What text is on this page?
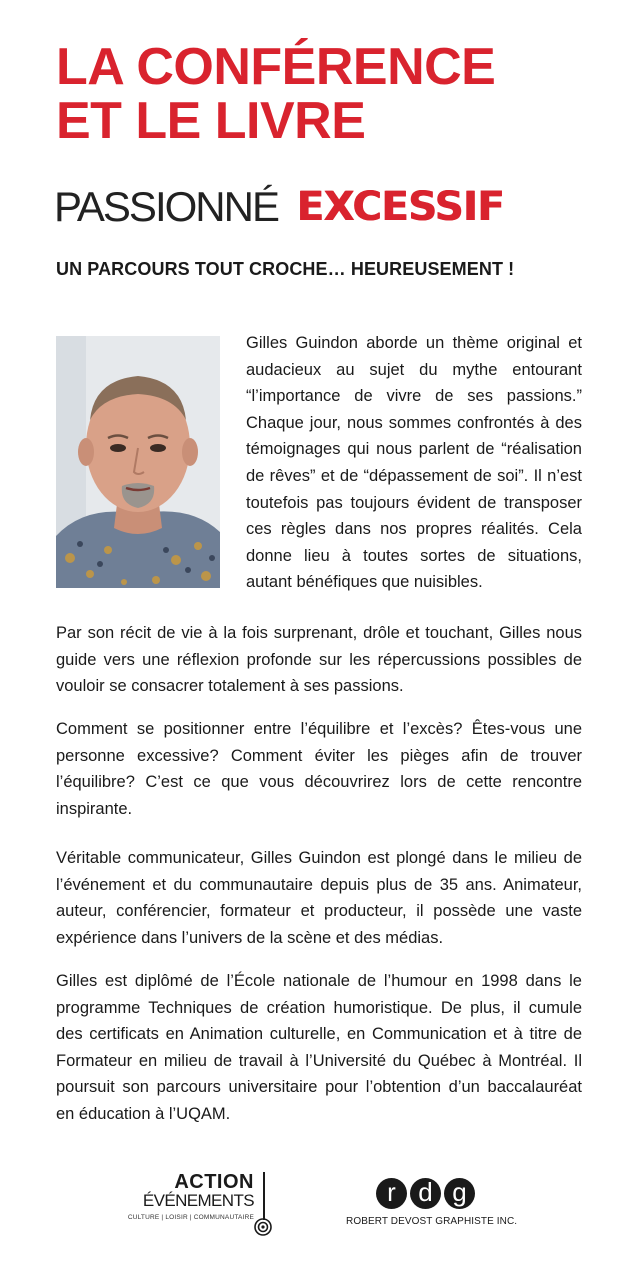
LA CONFÉRENCE
ET LE LIVRE
PASSIONNÉ EXCESSIF
UN PARCOURS TOUT CROCHE… HEUREUSEMENT !

Gilles Guindon aborde un thème original et audacieux au sujet du mythe entourant “l’importance de vivre de ses passions.” Chaque jour, nous sommes confrontés à des témoignages qui nous parlent de “réalisation de rêves” et de “dépassement de soi”. Il n’est toutefois pas toujours évident de transposer ces règles dans nos propres réalités. Cela donne lieu à toutes sortes de situations, autant bénéfiques que nuisibles.

Par son récit de vie à la fois surprenant, drôle et touchant, Gilles nous guide vers une réflexion profonde sur les répercussions possibles de vouloir se consacrer totalement à ses passions.

Comment se positionner entre l’équilibre et l’excès? Êtes-vous une personne excessive? Comment éviter les pièges afin de trouver l’équilibre? C’est ce que vous découvrirez lors de cette rencontre inspirante.

Véritable communicateur, Gilles Guindon est plongé dans le milieu de l’événement et du communautaire depuis plus de 35 ans. Animateur, auteur, conférencier, formateur et producteur, il possède une vaste expérience dans l’univers de la scène et des médias.

Gilles est diplômé de l’École nationale de l’humour en 1998 dans le programme Techniques de création humoristique. De plus, il cumule des certificats en Animation culturelle, en Communication et à titre de Formateur en milieu de travail à l’Université du Québec à Montréal. Il poursuit son parcours universitaire pour l’obtention d’un baccalauréat en éducation à l’UQAM.

ACTION
ÉVÉNEMENTS
CULTURE | LOISIR | COMMUNAUTAIRE
r d g
ROBERT DEVOST GRAPHISTE INC.
